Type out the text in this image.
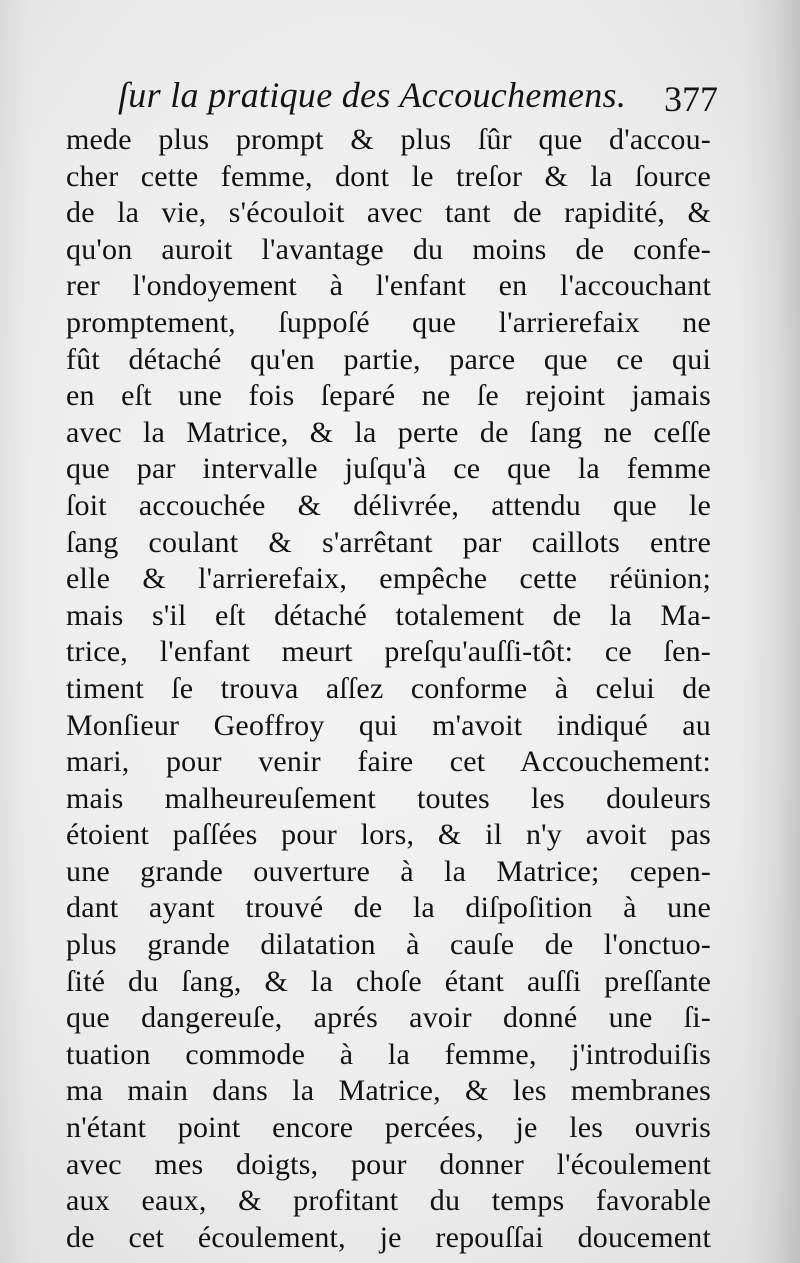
ſur la pratique des Accouchemens. 377
mede plus prompt & plus ſûr que d'accou-
cher cette femme, dont le treſor & la ſource
de la vie, s'écouloit avec tant de rapidité, &
qu'on auroit l'avantage du moins de confe-
rer l'ondoyement à l'enfant en l'accouchant
promptement, ſuppoſé que l'arrierefaix ne
fût détaché qu'en partie, parce que ce qui
en eſt une fois ſeparé ne ſe rejoint jamais
avec la Matrice, & la perte de ſang ne ceſſe
que par intervalle juſqu'à ce que la femme
ſoit accouchée & délivrée, attendu que le
ſang coulant & s'arrêtant par caillots entre
elle & l'arrierefaix, empêche cette réünion;
mais s'il eſt détaché totalement de la Ma-
trice, l'enfant meurt preſqu'auſſi-tôt: ce ſen-
timent ſe trouva aſſez conforme à celui de
Monſieur Geoffroy qui m'avoit indiqué au
mari, pour venir faire cet Accouchement:
mais malheureuſement toutes les douleurs
étoient paſſées pour lors, & il n'y avoit pas
une grande ouverture à la Matrice; cepen-
dant ayant trouvé de la diſpoſition à une
plus grande dilatation à cauſe de l'onctuo-
ſité du ſang, & la choſe étant auſſi preſſante
que dangereuſe, aprés avoir donné une ſi-
tuation commode à la femme, j'introduiſis
ma main dans la Matrice, & les membranes
n'étant point encore percées, je les ouvris
avec mes doigts, pour donner l'écoulement
aux eaux, & profitant du temps favorable
de cet écoulement, je repouſſai doucement
